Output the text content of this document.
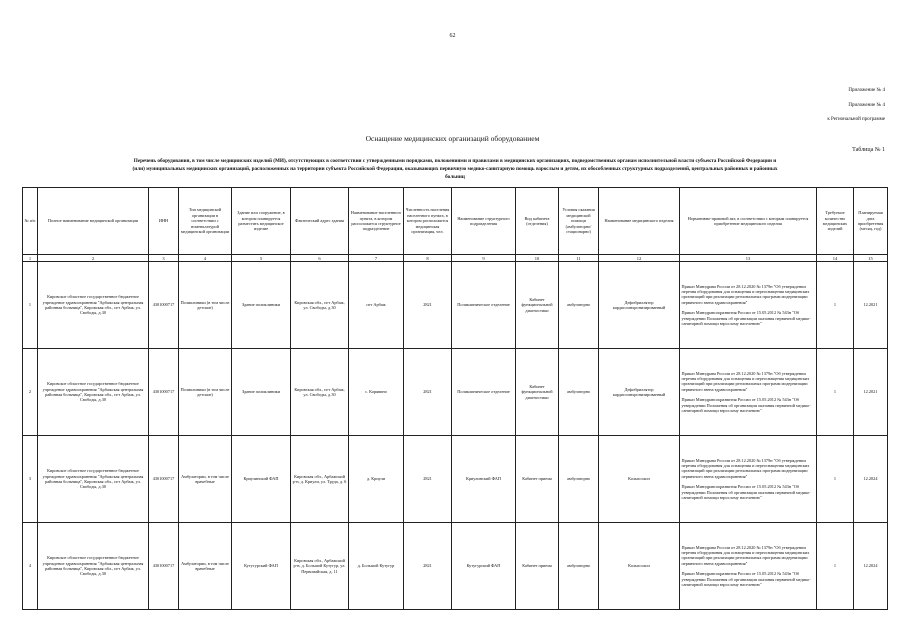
62
Приложение № 4
Приложение № 4
к Региональной программе
Оснащение медицинских организаций оборудованием
Таблица № 1
Перечень оборудования, в том числе медицинских изделий (МИ), отсутствующих в соответствии с утвержденными порядками, положениями и правилами в медицинских организациях, подведомственных органам исполнительной власти субъекта Российской Федерации и
(или) муниципальных медицинских организаций, расположенных на территории субъекта Российской Федерации, оказывающих первичную медико-санитарную помощь взрослым и детям, их обособленных структурных подразделений, центральных районных и районных
больниц
№ п/п	Полное наименование медицинской организации	ИНН	Тип медицинской организации в соответствии с номенклатурой медицинской организации	Здание или сооружение, в котором планируется разместить медицинское изделие	Фактический адрес здания	Наименование населенного пункта, в котором расположится структурное подразделение	Численность населения населенного пункта, в котором расположится медицинская организация, чел.	Наименование структурного подразделения	Вид кабинета (отделения)	Условия оказания медицинской помощи (амбулаторно/стационарно)	Наименование медицинского изделия	Нормативно-правовой акт, в соответствии с которым планируется приобретение медицинского изделия	Требуемое количество медицинских изделий	Планируемая дата приобретения (месяц, год)
1	2	3	4	5	6	7	8	9	10	11	12	13	14	15
1	Кировское областное государственное бюджетное учреждение здравоохранения "Арбажская центральная районная больница", Кировская обл., пгт Арбаж, ул. Свободы, д.30	4301000717	Поликлиники (в том числе детские)	Здание поликлиники	Кировская обл., пгт Арбаж, ул. Свободы, д.30	пгт Арбаж	2821	Поликлиническое отделение	Кабинет функциональной диагностики	амбулаторно	Дефибриллятор кардиосинхронизированный	Приказ Минздрава России от 28.12.2020 № 1379н "Об утверждении перечня оборудования для оснащения и переоснащения медицинских организаций при реализации региональных программ модернизации первичного звена здравоохранения"
Приказ Минздравсоцразвития России от 15.05.2012 № 543н "Об утверждении Положения об организации оказания первичной медико-санитарной помощи взрослому населению"	1	12.2021
2	Кировское областное государственное бюджетное учреждение здравоохранения "Арбажская центральная районная больница", Кировская обл., пгт Арбаж, ул. Свободы, д.30	4301000717	Поликлиники (в том числе детские)	Здание поликлиники	Кировская обл., пгт Арбаж, ул. Свободы, д.30	с. Корявино	2821	Поликлиническое отделение	Кабинет функциональной диагностики	амбулаторно	Дефибриллятор кардиосинхронизированный	Приказ Минздрава России от 28.12.2020 № 1379н "Об утверждении перечня оборудования для оснащения и переоснащения медицинских организаций при реализации региональных программ модернизации первичного звена здравоохранения"
Приказ Минздравсоцразвития России от 15.05.2012 № 543н "Об утверждении Положения об организации оказания первичной медико-санитарной помощи взрослому населению"	1	12.2021
3	Кировское областное государственное бюджетное учреждение здравоохранения "Арбажская центральная районная больница", Кировская обл., пгт Арбаж, ул. Свободы, д.30	4301000717	Амбулатории, в том числе врачебные	Криулинский ФАП	Кировская обл., Арбажский р-н, д. Криули, ул. Труда, д. 6	д. Криули	2821	Криулинский ФАП	Кабинет приема	амбулаторно	Кольпоскоп	Приказ Минздрава России от 28.12.2020 № 1379н "Об утверждении перечня оборудования для оснащения и переоснащения медицинских организаций при реализации региональных программ модернизации первичного звена здравоохранения"
Приказ Минздравсоцразвития России от 15.05.2012 № 543н "Об утверждении Положения об организации оказания первичной медико-санитарной помощи взрослому населению"	1	12.2024
4	Кировское областное государственное бюджетное учреждение здравоохранения "Арбажская центральная районная больница", Кировская обл., пгт Арбаж, ул. Свободы, д.30	4301000717	Амбулатории, в том числе врачебные	Кутугурский ФАП	Кировская обл., Арбажский р-н, д. Большой Кутугур, ул. Первомайская, д. 11	д. Большой Кутугур	2821	Кутугурский ФАП	Кабинет приема	амбулаторно	Кольпоскоп	Приказ Минздрава России от 28.12.2020 № 1379н "Об утверждении перечня оборудования для оснащения и переоснащения медицинских организаций при реализации региональных программ модернизации первичного звена здравоохранения"
Приказ Минздравсоцразвития России от 15.05.2012 № 543н "Об утверждении Положения об организации оказания первичной медико-санитарной помощи взрослому населению"	1	12.2024
